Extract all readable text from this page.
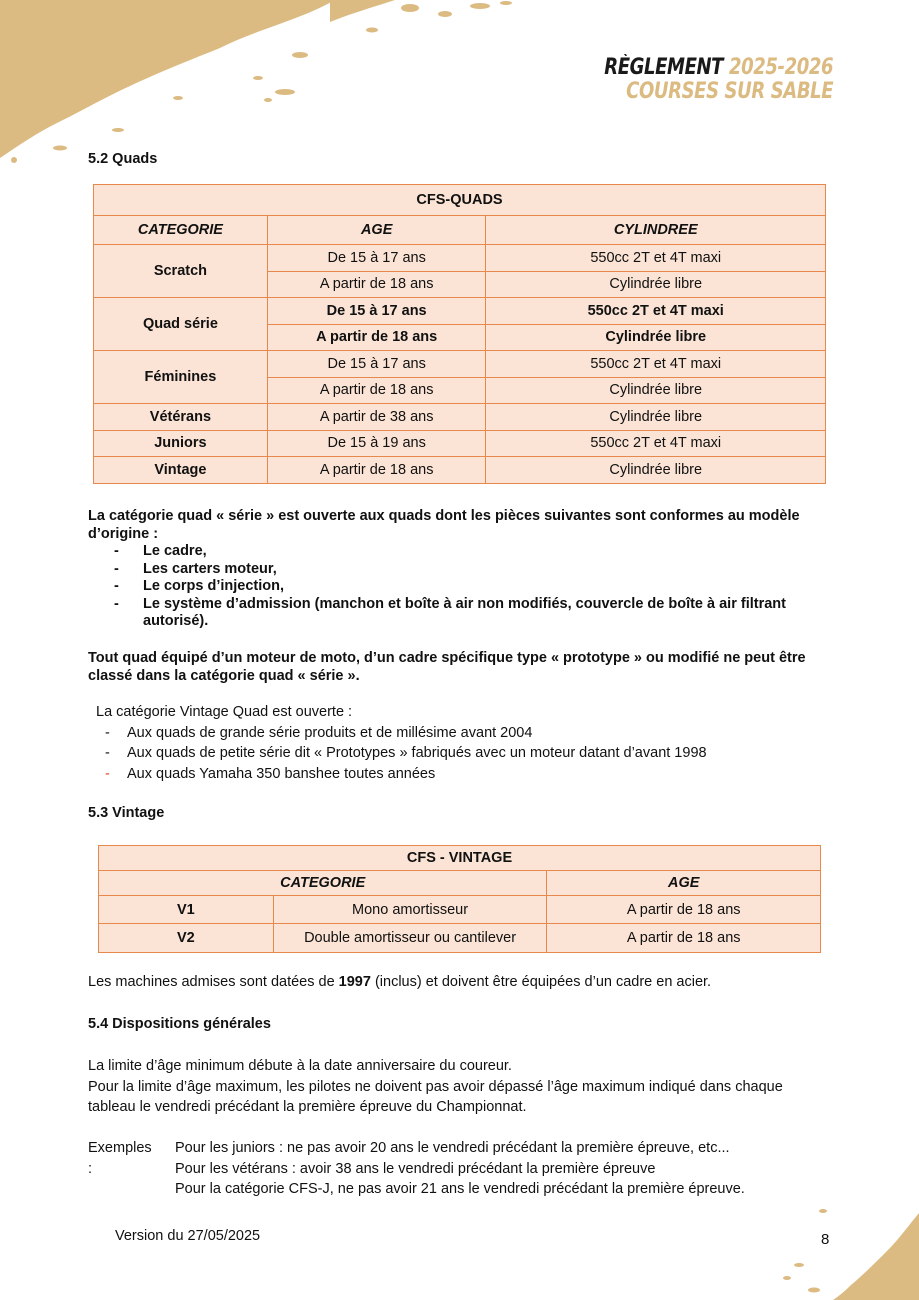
RÈGLEMENT 2025-2026
COURSES SUR SABLE
5.2 Quads
CFS-QUADS		
CATEGORIE	AGE	CYLINDREE
Scratch	De 15 à 17 ans	550cc 2T et 4T maxi
	A partir de 18 ans	Cylindrée libre
Quad série	De 15 à 17 ans	550cc 2T et 4T maxi
	A partir de 18 ans	Cylindrée libre
Féminines	De 15 à 17 ans	550cc 2T et 4T maxi
	A partir de 18 ans	Cylindrée libre
Vétérans	A partir de 38 ans	Cylindrée libre
Juniors	De 15 à 19 ans	550cc 2T et 4T maxi
Vintage	A partir de 18 ans	Cylindrée libre
La catégorie quad « série » est ouverte aux quads dont les pièces suivantes sont conformes au modèle d’origine :
- Le cadre,
- Les carters moteur,
- Le corps d’injection,
- Le système d’admission (manchon et boîte à air non modifiés, couvercle de boîte à air filtrant autorisé).
Tout quad équipé d’un moteur de moto, d’un cadre spécifique type « prototype » ou modifié ne peut être classé dans la catégorie quad « série ».
La catégorie Vintage Quad est ouverte :
- Aux quads de grande série produits et de millésime avant 2004
- Aux quads de petite série dit « Prototypes » fabriqués avec un moteur datant d’avant 1998
- Aux quads Yamaha 350 banshee toutes années
5.3 Vintage
CFS - VINTAGE		
CATEGORIE		AGE
V1	Mono amortisseur	A partir de 18 ans
V2	Double amortisseur ou cantilever	A partir de 18 ans
Les machines admises sont datées de 1997 (inclus) et doivent être équipées d’un cadre en acier.
5.4 Dispositions générales
La limite d’âge minimum débute à la date anniversaire du coureur.
Pour la limite d’âge maximum, les pilotes ne doivent pas avoir dépassé l’âge maximum indiqué dans chaque tableau le vendredi précédant la première épreuve du Championnat.
Exemples :
Pour les juniors : ne pas avoir 20 ans le vendredi précédant la première épreuve, etc...
Pour les vétérans : avoir 38 ans le vendredi précédant la première épreuve
Pour la catégorie CFS-J, ne pas avoir 21 ans le vendredi précédant la première épreuve.
Version du 27/05/2025	8
